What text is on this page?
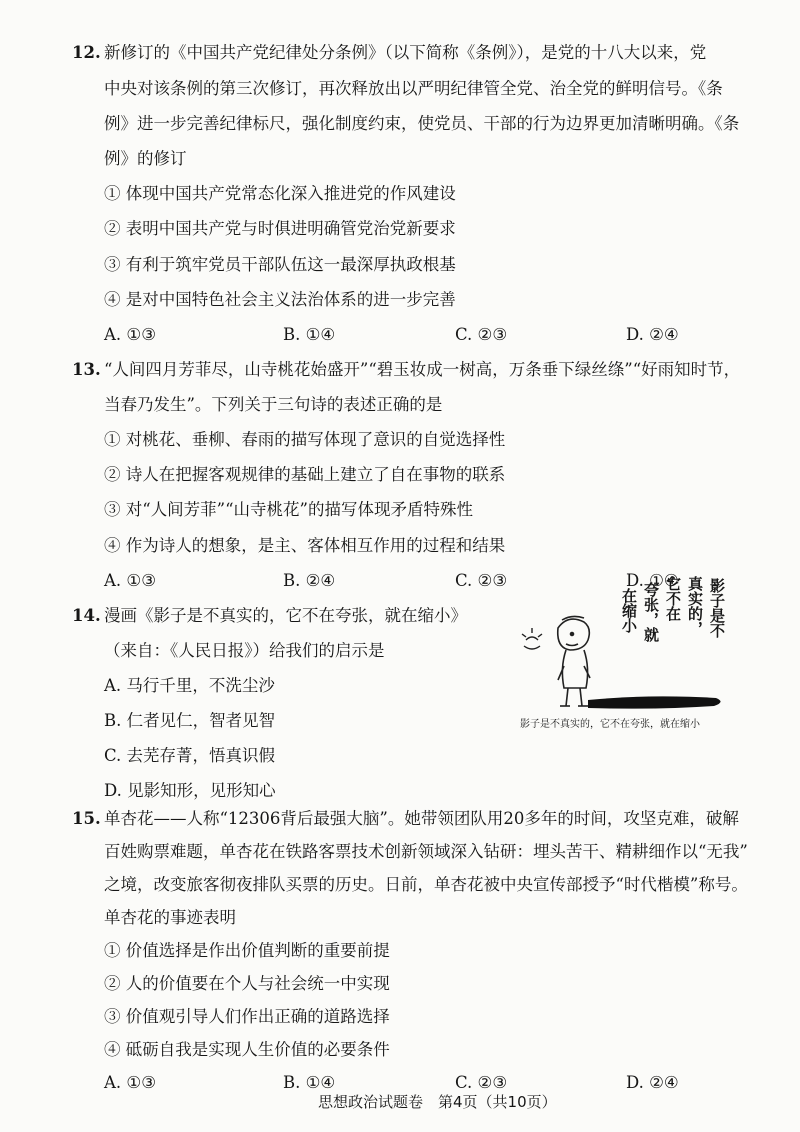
12. 新修订的《中国共产党纪律处分条例》（以下简称《条例》），是党的十八大以来，党
中央对该条例的第三次修订，再次释放出以严明纪律管全党、治全党的鲜明信号。《条
例》进一步完善纪律标尺，强化制度约束，使党员、干部的行为边界更加清晰明确。《条
例》的修订
① 体现中国共产党常态化深入推进党的作风建设
② 表明中国共产党与时俱进明确管党治党新要求
③ 有利于筑牢党员干部队伍这一最深厚执政根基
④ 是对中国特色社会主义法治体系的进一步完善
A. ①③	B. ①④	C. ②③	D. ②④
13. “人间四月芳菲尽，山寺桃花始盛开”“碧玉妆成一树高，万条垂下绿丝绦”“好雨知时节，
当春乃发生”。下列关于三句诗的表述正确的是
① 对桃花、垂柳、春雨的描写体现了意识的自觉选择性
② 诗人在把握客观规律的基础上建立了自在事物的联系
③ 对“人间芳菲”“山寺桃花”的描写体现矛盾特殊性
④ 作为诗人的想象，是主、客体相互作用的过程和结果
A. ①③	B. ②④	C. ②③	D. ①④
14. 漫画《影子是不真实的，它不在夸张，就在缩小》
（来自：《人民日报》）给我们的启示是
A. 马行千里，不洗尘沙
B. 仁者见仁，智者见智
C. 去芜存菁，悟真识假
D. 见影知形，见形知心
在缩小 夸张，就 它不在 真实的， 影子是不
影子是不真实的，它不在夸张，就在缩小
15. 单杏花——人称“12306背后最强大脑”。她带领团队用20多年的时间，攻坚克难，破解
百姓购票难题，单杏花在铁路客票技术创新领域深入钻研：埋头苦干、精耕细作以“无我”
之境，改变旅客彻夜排队买票的历史。日前，单杏花被中央宣传部授予“时代楷模”称号。
单杏花的事迹表明
① 价值选择是作出价值判断的重要前提
② 人的价值要在个人与社会统一中实现
③ 价值观引导人们作出正确的道路选择
④ 砥砺自我是实现人生价值的必要条件
A. ①③	B. ①④	C. ②③	D. ②④
思想政治试题卷　第4页（共10页）
